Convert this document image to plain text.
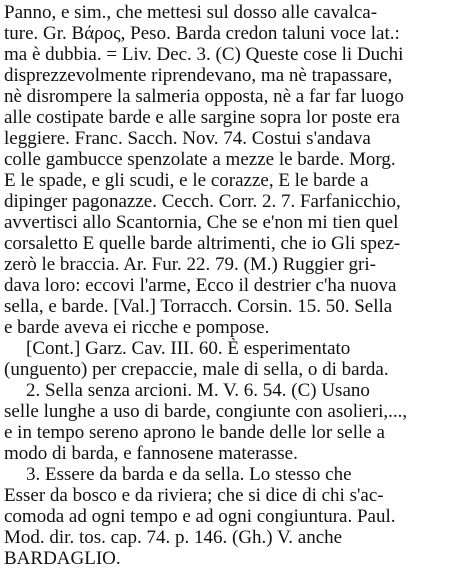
Panno, e sim., che mettesi sul dosso alle cavalca-
ture. Gr. Βάρος, Peso. Barda credon taluni voce lat.:
ma è dubbia. = Liv. Dec. 3. (C) Queste cose li Duchi
disprezzevolmente riprendevano, ma nè trapassare,
nè disrompere la salmeria opposta, nè a far far luogo
alle costipate barde e alle sargine sopra lor poste era
leggiere. Franc. Sacch. Nov. 74. Costui s'andava
colle gambucce spenzolate a mezze le barde. Morg.
E le spade, e gli scudi, e le corazze, E le barde a
dipinger pagonazze. Cecch. Corr. 2. 7. Farfanicchio,
avvertisci allo Scantornia, Che se e'non mi tien quel
corsaletto E quelle barde altrimenti, che io Gli spez-
zerò le braccia. Ar. Fur. 22. 79. (M.) Ruggier gri-
dava loro: eccovi l'arme, Ecco il destrier c'ha nuova
sella, e barde. [Val.] Torracch. Corsin. 15. 50. Sella
e barde aveva ei ricche e pompose.
[Cont.] Garz. Cav. III. 60. È esperimentato
(unguento) per crepaccie, male di sella, o di barda.
2. Sella senza arcioni. M. V. 6. 54. (C) Usano
selle lunghe a uso di barde, congiunte con asolieri,...,
e in tempo sereno aprono le bande delle lor selle a
modo di barda, e fannosene materasse.
3. Essere da barda e da sella. Lo stesso che
Esser da bosco e da riviera; che si dice di chi s'ac-
comoda ad ogni tempo e ad ogni congiuntura. Paul.
Mod. dir. tos. cap. 74. p. 146. (Gh.) V. anche
BARDAGLIO.
